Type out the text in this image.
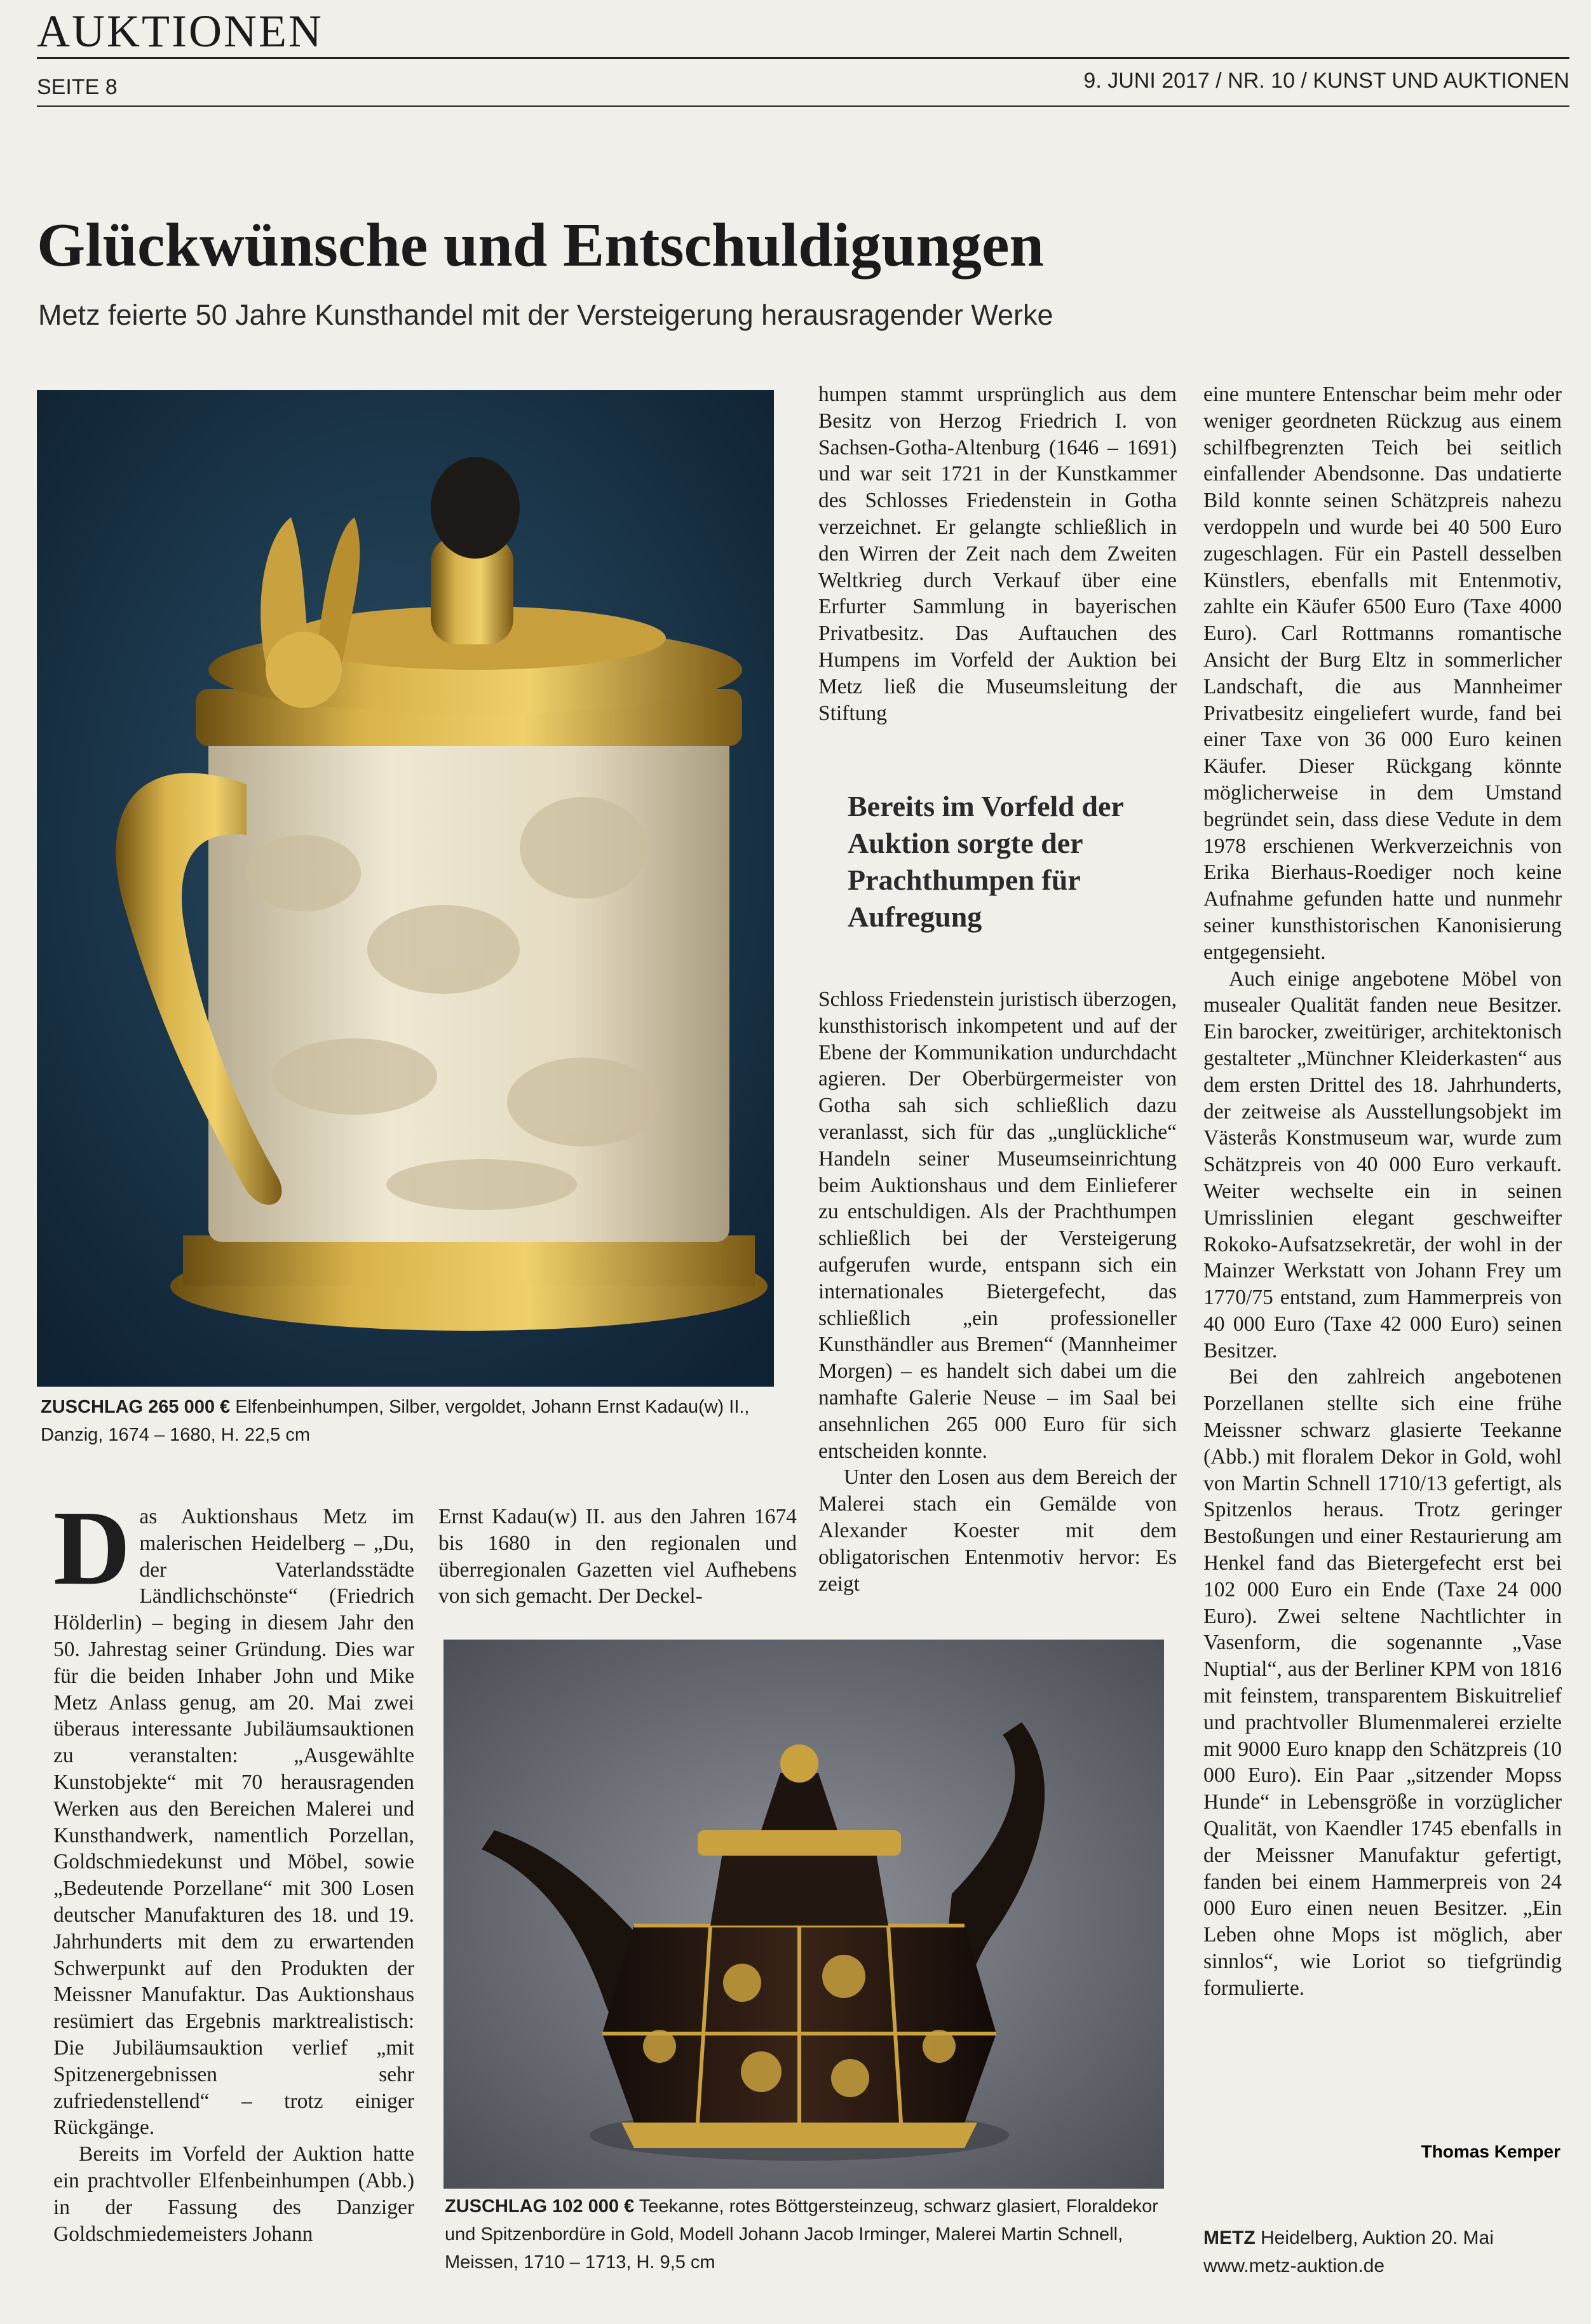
AUKTIONEN
SEITE 8	9. JUNI 2017 / NR. 10 / KUNST UND AUKTIONEN
Glückwünsche und Entschuldigungen
Metz feierte 50 Jahre Kunsthandel mit der Versteigerung herausragender Werke
ZUSCHLAG 265 000 € Elfenbeinhumpen, Silber, vergoldet, Johann Ernst Kadau(w) II., Danzig, 1674 – 1680, H. 22,5 cm

Das Auktionshaus Metz im malerischen Heidelberg – „Du, der Vaterlandsstädte Ländlichschönste“ (Friedrich Hölderlin) – beging in diesem Jahr den 50. Jahrestag seiner Gründung. Dies war für die beiden Inhaber John und Mike Metz Anlass genug, am 20. Mai zwei überaus interessante Jubiläumsauktionen zu veranstalten: „Ausgewählte Kunstobjekte“ mit 70 herausragenden Werken aus den Bereichen Malerei und Kunsthandwerk, namentlich Porzellan, Goldschmiedekunst und Möbel, sowie „Bedeutende Porzellane“ mit 300 Losen deutscher Manufakturen des 18. und 19. Jahrhunderts mit dem zu erwartenden Schwerpunkt auf den Produkten der Meissner Manufaktur. Das Auktionshaus resümiert das Ergebnis marktrealistisch: Die Jubiläumsauktion verlief „mit Spitzenergebnissen sehr zufriedenstellend“ – trotz einiger Rückgänge.

Bereits im Vorfeld der Auktion hatte ein prachtvoller Elfenbeinhumpen (Abb.) in der Fassung des Danziger Goldschmiedemeisters Johann

Ernst Kadau(w) II. aus den Jahren 1674 bis 1680 in den regionalen und überregionalen Gazetten viel Aufhebens von sich gemacht. Der Deckel-

ZUSCHLAG 102 000 € Teekanne, rotes Böttgersteinzeug, schwarz glasiert, Floraldekor und Spitzenbordüre in Gold, Modell Johann Jacob Irminger, Malerei Martin Schnell, Meissen, 1710 – 1713, H. 9,5 cm

humpen stammt ursprünglich aus dem Besitz von Herzog Friedrich I. von Sachsen-Gotha-Altenburg (1646 – 1691) und war seit 1721 in der Kunstkammer des Schlosses Friedenstein in Gotha verzeichnet. Er gelangte schließlich in den Wirren der Zeit nach dem Zweiten Weltkrieg durch Verkauf über eine Erfurter Sammlung in bayerischen Privatbesitz. Das Auftauchen des Humpens im Vorfeld der Auktion bei Metz ließ die Museumsleitung der Stiftung

Bereits im Vorfeld der Auktion sorgte der Prachthumpen für Aufregung

Schloss Friedenstein juristisch überzogen, kunsthistorisch inkompetent und auf der Ebene der Kommunikation undurchdacht agieren. Der Oberbürgermeister von Gotha sah sich schließlich dazu veranlasst, sich für das „unglückliche“ Handeln seiner Museumseinrichtung beim Auktionshaus und dem Einlieferer zu entschuldigen. Als der Prachthumpen schließlich bei der Versteigerung aufgerufen wurde, entspann sich ein internationales Bietergefecht, das schließlich „ein professioneller Kunsthändler aus Bremen“ (Mannheimer Morgen) – es handelt sich dabei um die namhafte Galerie Neuse – im Saal bei ansehnlichen 265 000 Euro für sich entscheiden konnte.

Unter den Losen aus dem Bereich der Malerei stach ein Gemälde von Alexander Koester mit dem obligatorischen Entenmotiv hervor: Es zeigt

eine muntere Entenschar beim mehr oder weniger geordneten Rückzug aus einem schilfbegrenzten Teich bei seitlich einfallender Abendsonne. Das undatierte Bild konnte seinen Schätzpreis nahezu verdoppeln und wurde bei 40 500 Euro zugeschlagen. Für ein Pastell desselben Künstlers, ebenfalls mit Entenmotiv, zahlte ein Käufer 6500 Euro (Taxe 4000 Euro). Carl Rottmanns romantische Ansicht der Burg Eltz in sommerlicher Landschaft, die aus Mannheimer Privatbesitz eingeliefert wurde, fand bei einer Taxe von 36 000 Euro keinen Käufer. Dieser Rückgang könnte möglicherweise in dem Umstand begründet sein, dass diese Vedute in dem 1978 erschienen Werkverzeichnis von Erika Bierhaus-Roediger noch keine Aufnahme gefunden hatte und nunmehr seiner kunsthistorischen Kanonisierung entgegensieht.

Auch einige angebotene Möbel von musealer Qualität fanden neue Besitzer. Ein barocker, zweitüriger, architektonisch gestalteter „Münchner Kleiderkasten“ aus dem ersten Drittel des 18. Jahrhunderts, der zeitweise als Ausstellungsobjekt im Västerås Konstmuseum war, wurde zum Schätzpreis von 40 000 Euro verkauft. Weiter wechselte ein in seinen Umrisslinien elegant geschweifter Rokoko-Aufsatzsekretär, der wohl in der Mainzer Werkstatt von Johann Frey um 1770/75 entstand, zum Hammerpreis von 40 000 Euro (Taxe 42 000 Euro) seinen Besitzer.

Bei den zahlreich angebotenen Porzellanen stellte sich eine frühe Meissner schwarz glasierte Teekanne (Abb.) mit floralem Dekor in Gold, wohl von Martin Schnell 1710/13 gefertigt, als Spitzenlos heraus. Trotz geringer Bestoßungen und einer Restaurierung am Henkel fand das Bietergefecht erst bei 102 000 Euro ein Ende (Taxe 24 000 Euro). Zwei seltene Nachtlichter in Vasenform, die sogenannte „Vase Nuptial“, aus der Berliner KPM von 1816 mit feinstem, transparentem Biskuitrelief und prachtvoller Blumenmalerei erzielte mit 9000 Euro knapp den Schätzpreis (10 000 Euro). Ein Paar „sitzender Mopss Hunde“ in Lebensgröße in vorzüglicher Qualität, von Kaendler 1745 ebenfalls in der Meissner Manufaktur gefertigt, fanden bei einem Hammerpreis von 24 000 Euro einen neuen Besitzer. „Ein Leben ohne Mops ist möglich, aber sinnlos“, wie Loriot so tiefgründig formulierte.

Thomas Kemper
METZ Heidelberg, Auktion 20. Mai
www.metz-auktion.de
